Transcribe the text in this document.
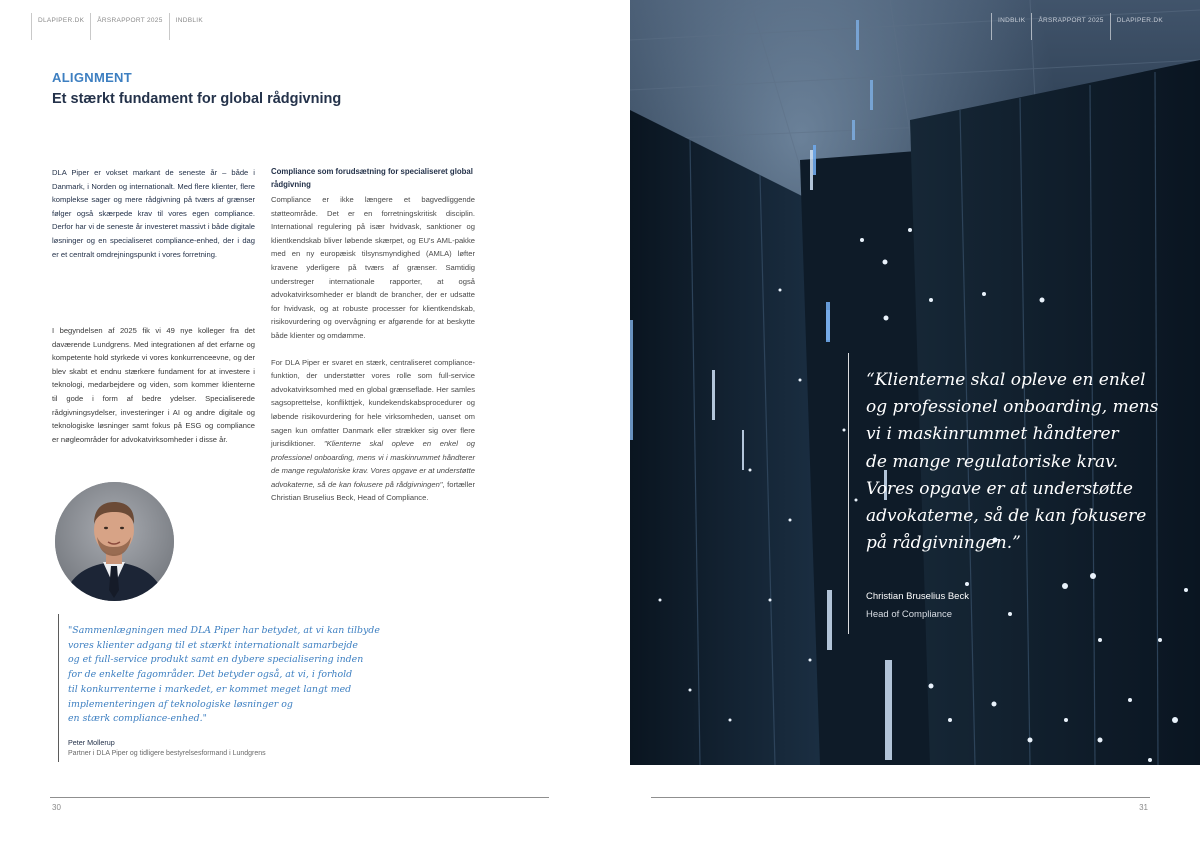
DLAPIPER.DK	ÅRSRAPPORT 2025	INDBLIK
ALIGNMENT
Et stærkt fundament for global rådgivning

DLA Piper er vokset markant de seneste år – både i Danmark, i Norden og internationalt. Med flere klienter, flere komplekse sager og mere rådgivning på tværs af grænser følger også skærpede krav til vores egen compliance. Derfor har vi de seneste år investeret massivt i både digitale løsninger og en specialiseret compliance-enhed, der i dag er et centralt omdrejningspunkt i vores forretning.

I begyndelsen af 2025 fik vi 49 nye kolleger fra det daværende Lundgrens. Med integrationen af det erfarne og kompetente hold styrkede vi vores konkurrenceevne, og der blev skabt et endnu stærkere fundament for at investere i teknologi, medarbejdere og viden, som kommer klienterne til gode i form af bedre ydelser. Specialiserede rådgivningsydelser, investeringer i AI og andre digitale og teknologiske løsninger samt fokus på ESG og compliance er nøgleområder for advokatvirksomheder i disse år.

Compliance som forudsætning for specialiseret global rådgivning

Compliance er ikke længere et bagvedliggende støtteområde. Det er en forretningskritisk disciplin. International regulering på især hvidvask, sanktioner og klientkendskab bliver løbende skærpet, og EU's AML-pakke med en ny europæisk tilsynsmyndighed (AMLA) løfter kravene yderligere på tværs af grænser. Samtidig understreger internationale rapporter, at også advokatvirksomheder er blandt de brancher, der er udsatte for hvidvask, og at robuste processer for klientkendskab, risikovurdering og overvågning er afgørende for at beskytte både klienter og omdømme.

For DLA Piper er svaret en stærk, centraliseret compliance-funktion, der understøtter vores rolle som full-service advokatvirksomhed med en global grænseflade. Her samles sagsoprettelse, konflikttjek, kundekendskabsprocedurer og løbende risikovurdering for hele virksomheden, uanset om sagen kun omfatter Danmark eller strækker sig over flere jurisdiktioner. "Klienterne skal opleve en enkel og professionel onboarding, mens vi i maskinrummet håndterer de mange regulatoriske krav. Vores opgave er at understøtte advokaterne, så de kan fokusere på rådgivningen", fortæller Christian Bruselius Beck, Head of Compliance.

"Sammenlægningen med DLA Piper har betydet, at vi kan tilbyde
vores klienter adgang til et stærkt internationalt samarbejde
og et full-service produkt samt en dybere specialisering inden
for de enkelte fagområder. Det betyder også, at vi, i forhold
til konkurrenterne i markedet, er kommet meget langt med
implementeringen af teknologiske løsninger og
en stærk compliance-enhed."
Peter Mollerup
Partner i DLA Piper og tidligere bestyrelsesformand i Lundgrens
30
INDBLIK	ÅRSRAPPORT 2025	DLAPIPER.DK
“Klienterne skal opleve en enkel
og professionel onboarding, mens
vi i maskinrummet håndterer
de mange regulatoriske krav.
Vores opgave er at understøtte
advokaterne, så de kan fokusere
på rådgivningen.”
Christian Bruselius Beck
Head of Compliance
31
